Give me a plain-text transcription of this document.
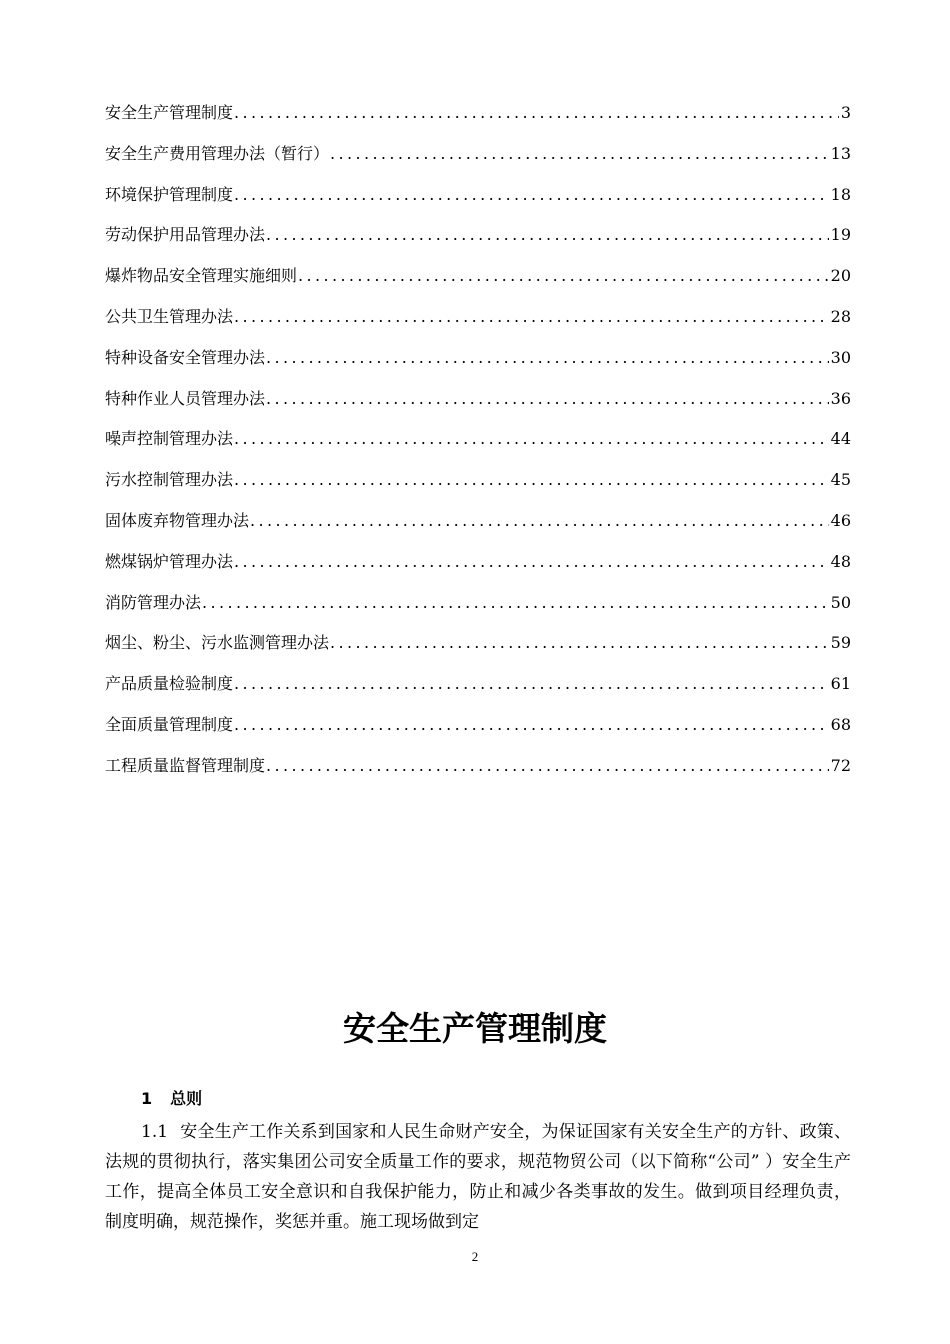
安全生产管理制度 .....	3
安全生产费用管理办法（暂行） .....	13
环境保护管理制度 .....	18
劳动保护用品管理办法 .....	19
爆炸物品安全管理实施细则 .....	20
公共卫生管理办法 .....	28
特种设备安全管理办法 .....	30
特种作业人员管理办法 .....	36
噪声控制管理办法 .....	44
污水控制管理办法 .....	45
固体废弃物管理办法 .....	46
燃煤锅炉管理办法 .....	48
消防管理办法 .....	50
烟尘、粉尘、污水监测管理办法 .....	59
产品质量检验制度 .....	61
全面质量管理制度 .....	68
工程质量监督管理制度 .....	72
安全生产管理制度
1 总则

1.1 安全生产工作关系到国家和人民生命财产安全，为保证国家有关安全生产的方针、政策、法规的贯彻执行，落实集团公司安全质量工作的要求，规范物贸公司（以下简称“公司” ）安全生产工作，提高全体员工安全意识和自我保护能力，防止和减少各类事故的发生。做到项目经理负责，制度明确，规范操作，奖惩并重。施工现场做到定

2
